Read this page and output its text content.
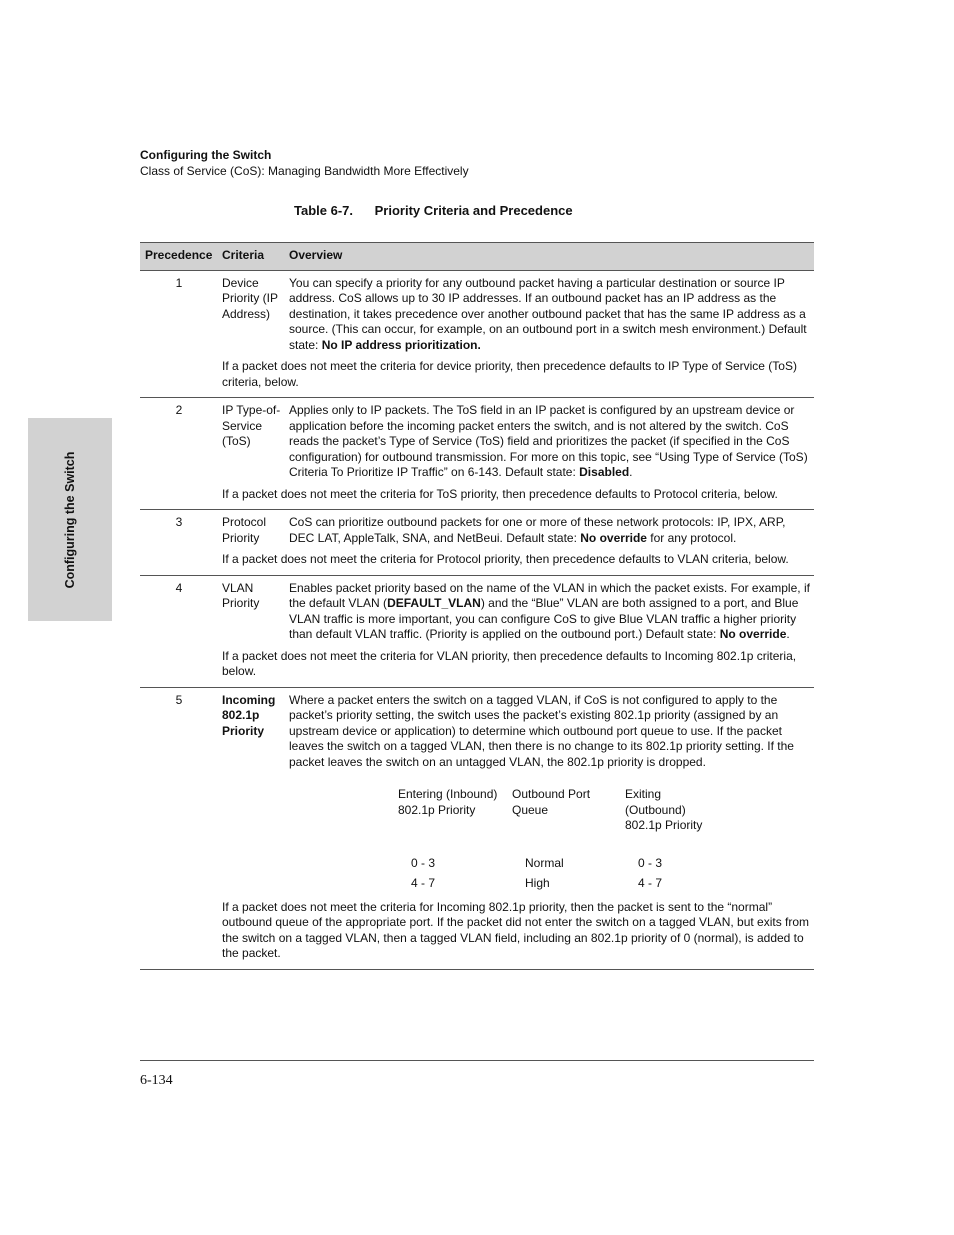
Configuring the Switch
Configuring the Switch
Class of Service (CoS): Managing Bandwidth More Effectively
Table 6-7. Priority Criteria and Precedence
Precedence	Criteria	Overview
1	Device Priority (IP Address)	You can specify a priority for any outbound packet having a particular destination or source IP address. CoS allows up to 30 IP addresses. If an outbound packet has an IP address as the destination, it takes precedence over another outbound packet that has the same IP address as a source. (This can occur, for example, on an outbound port in a switch mesh environment.) Default state: No IP address prioritization.
	If a packet does not meet the criteria for device priority, then precedence defaults to IP Type of Service (ToS) criteria, below.
2	IP Type-of-Service (ToS)	Applies only to IP packets. The ToS field in an IP packet is configured by an upstream device or application before the incoming packet enters the switch, and is not altered by the switch. CoS reads the packet’s Type of Service (ToS) field and prioritizes the packet (if specified in the CoS configuration) for outbound transmission. For more on this topic, see “Using Type of Service (ToS) Criteria To Prioritize IP Traffic” on 6-143. Default state: Disabled.
	If a packet does not meet the criteria for ToS priority, then precedence defaults to Protocol criteria, below.
3	Protocol Priority	CoS can prioritize outbound packets for one or more of these network protocols: IP, IPX, ARP, DEC LAT, AppleTalk, SNA, and NetBeui. Default state: No override for any protocol.
	If a packet does not meet the criteria for Protocol priority, then precedence defaults to VLAN criteria, below.
4	VLAN Priority	Enables packet priority based on the name of the VLAN in which the packet exists. For example, if the default VLAN (DEFAULT_VLAN) and the “Blue” VLAN are both assigned to a port, and Blue VLAN traffic is more important, you can configure CoS to give Blue VLAN traffic a higher priority than default VLAN traffic. (Priority is applied on the outbound port.) Default state: No override.
	If a packet does not meet the criteria for VLAN priority, then precedence defaults to Incoming 802.1p criteria, below.
5	Incoming 802.1p Priority	Where a packet enters the switch on a tagged VLAN, if CoS is not configured to apply to the packet’s priority setting, the switch uses the packet’s existing 802.1p priority (assigned by an upstream device or application) to determine which outbound port queue to use. If the packet leaves the switch on a tagged VLAN, then there is no change to its 802.1p priority setting. If the packet leaves the switch on an untagged VLAN, the 802.1p priority is dropped.
Entering (Inbound) 802.1p Priority	Outbound Port Queue	Exiting (Outbound) 802.1p Priority

0 - 3	Normal	0 - 3
4 - 7	High	4 - 7

	If a packet does not meet the criteria for Incoming 802.1p priority, then the packet is sent to the “normal” outbound queue of the appropriate port. If the packet did not enter the switch on a tagged VLAN, but exits from the switch on a tagged VLAN, then a tagged VLAN field, including an 802.1p priority of 0 (normal), is added to the packet.
6-134
